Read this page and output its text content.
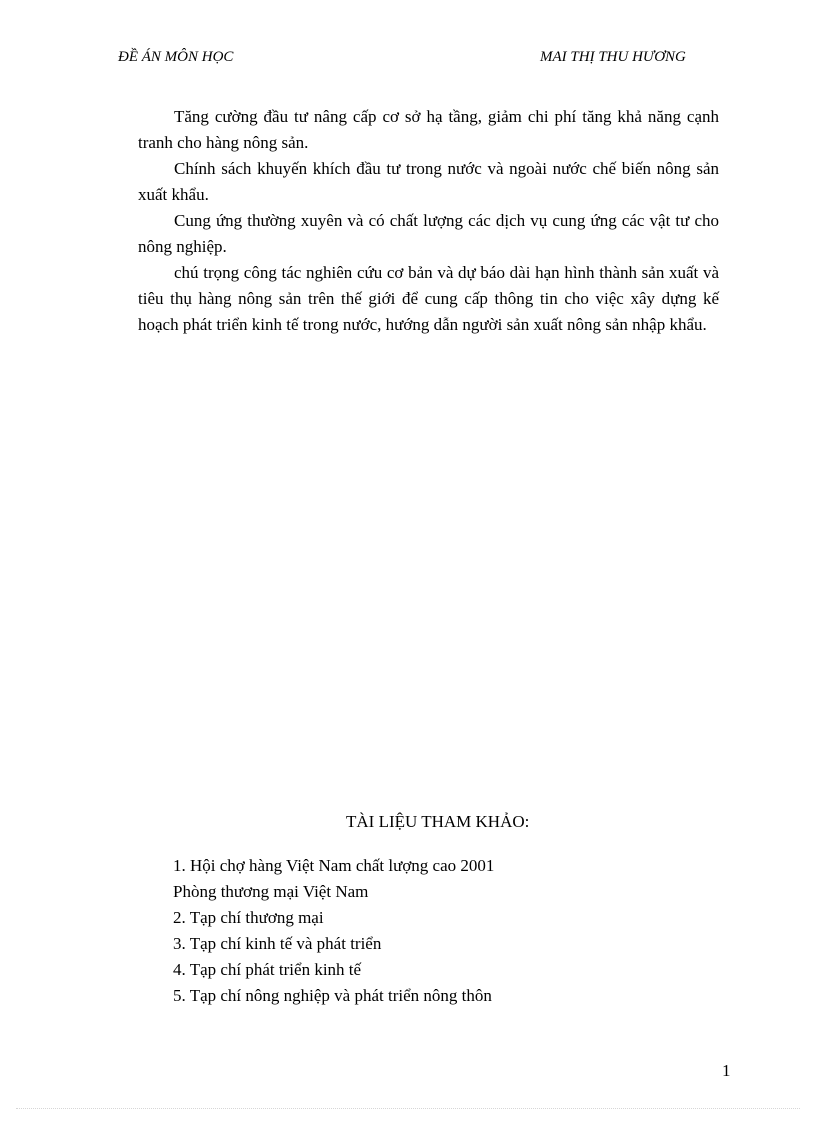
ĐỀ ÁN MÔN HỌC	MAI THỊ THU HƯƠNG

Tăng cường đầu tư nâng cấp cơ sở hạ tầng, giảm chi phí tăng khả năng cạnh tranh cho hàng nông sản.

Chính sách khuyến khích đầu tư trong nước và ngoài nước chế biến nông sản xuất khẩu.

Cung ứng thường xuyên và có chất lượng các dịch vụ cung ứng các vật tư cho nông nghiệp.

chú trọng công tác nghiên cứu cơ bản và dự báo dài hạn hình thành sản xuất và tiêu thụ hàng nông sản trên thế giới để cung cấp thông tin cho việc xây dựng kế hoạch phát triển kinh tế trong nước, hướng dẫn người sản xuất nông sản nhập khẩu.

TÀI LIỆU THAM KHẢO:
1. Hội chợ hàng Việt Nam chất lượng cao 2001
Phòng thương mại Việt Nam
2. Tạp chí thương mại
3. Tạp chí kinh tế và phát triển
4. Tạp chí phát triển kinh tế
5. Tạp chí nông nghiệp và phát triển nông thôn
1
